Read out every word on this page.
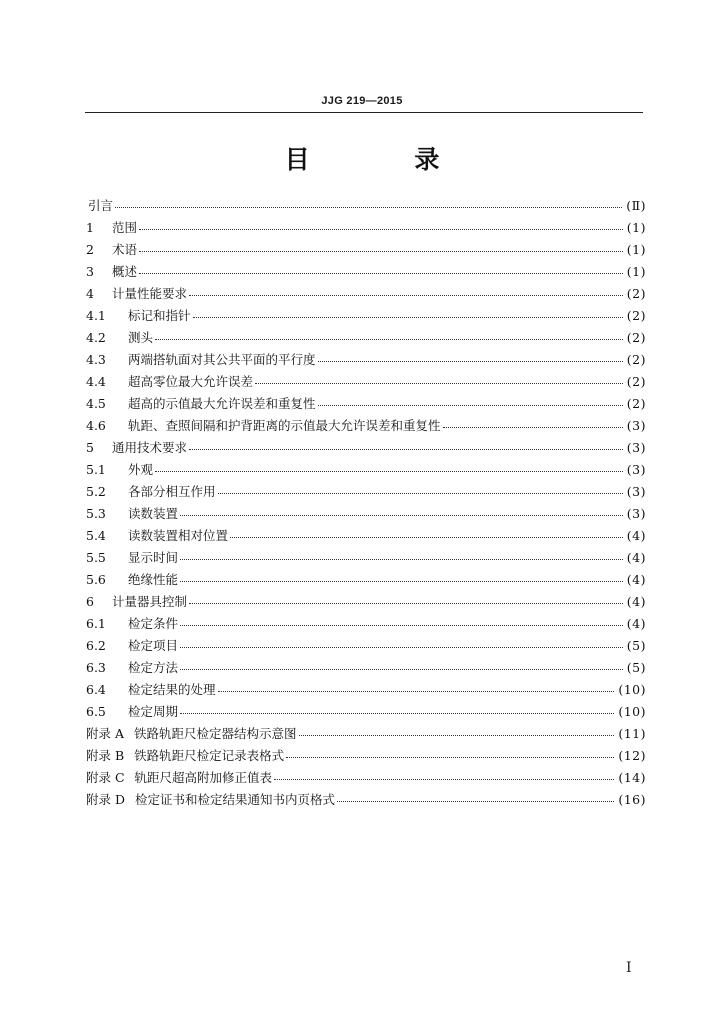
JJG 219—2015
目 录
引言	(Ⅱ)
1	范围	(1)
2	术语	(1)
3	概述	(1)
4	计量性能要求	(2)
4.1	标记和指针	(2)
4.2	测头	(2)
4.3	两端搭轨面对其公共平面的平行度	(2)
4.4	超高零位最大允许误差	(2)
4.5	超高的示值最大允许误差和重复性	(2)
4.6	轨距、查照间隔和护背距离的示值最大允许误差和重复性	(3)
5	通用技术要求	(3)
5.1	外观	(3)
5.2	各部分相互作用	(3)
5.3	读数装置	(3)
5.4	读数装置相对位置	(4)
5.5	显示时间	(4)
5.6	绝缘性能	(4)
6	计量器具控制	(4)
6.1	检定条件	(4)
6.2	检定项目	(5)
6.3	检定方法	(5)
6.4	检定结果的处理	(10)
6.5	检定周期	(10)
附录 A 铁路轨距尺检定器结构示意图	(11)
附录 B 铁路轨距尺检定记录表格式	(12)
附录 C 轨距尺超高附加修正值表	(14)
附录 D 检定证书和检定结果通知书内页格式	(16)
I
